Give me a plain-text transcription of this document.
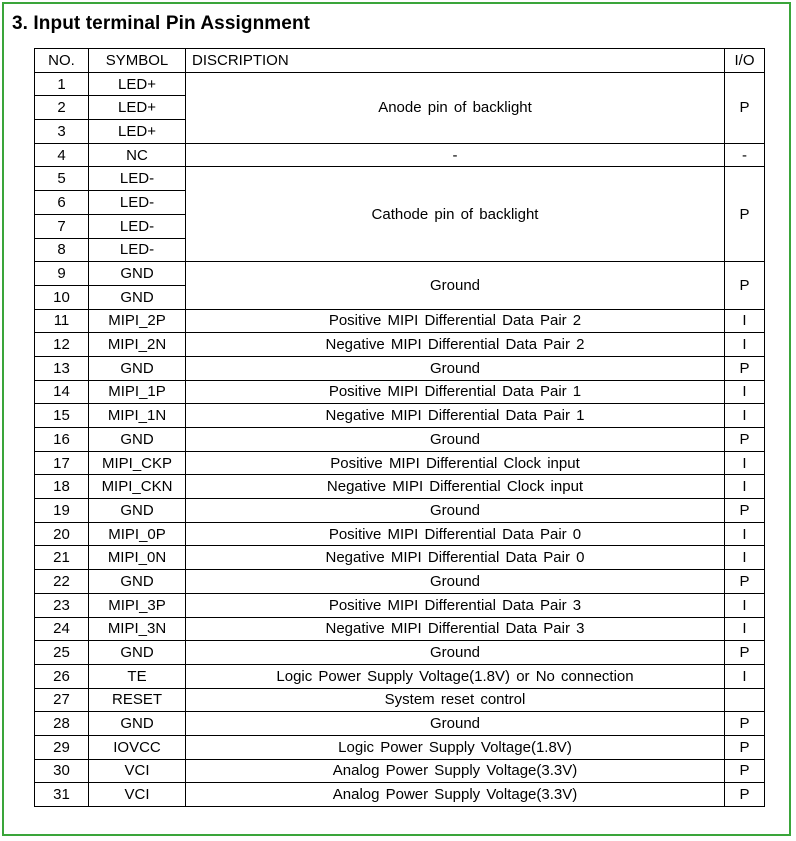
3. Input terminal Pin Assignment
NO.	SYMBOL	DISCRIPTION	I/O
1	LED+	Anode pin of backlight	P
2	LED+		
3	LED+		
4	NC	-	-
5	LED-	Cathode pin of backlight	P
6	LED-		
7	LED-		
8	LED-		
9	GND	Ground	P
10	GND		
11	MIPI_2P	Positive MIPI Differential Data Pair 2	I
12	MIPI_2N	Negative MIPI Differential Data Pair 2	I
13	GND	Ground	P
14	MIPI_1P	Positive MIPI Differential Data Pair 1	I
15	MIPI_1N	Negative MIPI Differential Data Pair 1	I
16	GND	Ground	P
17	MIPI_CKP	Positive MIPI Differential Clock input	I
18	MIPI_CKN	Negative MIPI Differential Clock input	I
19	GND	Ground	P
20	MIPI_0P	Positive MIPI Differential Data Pair 0	I
21	MIPI_0N	Negative MIPI Differential Data Pair 0	I
22	GND	Ground	P
23	MIPI_3P	Positive MIPI Differential Data Pair 3	I
24	MIPI_3N	Negative MIPI Differential Data Pair 3	I
25	GND	Ground	P
26	TE	Logic Power Supply Voltage(1.8V) or No connection	I
27	RESET	System reset control	
28	GND	Ground	P
29	IOVCC	Logic Power Supply Voltage(1.8V)	P
30	VCI	Analog Power Supply Voltage(3.3V)	P
31	VCI	Analog Power Supply Voltage(3.3V)	P
